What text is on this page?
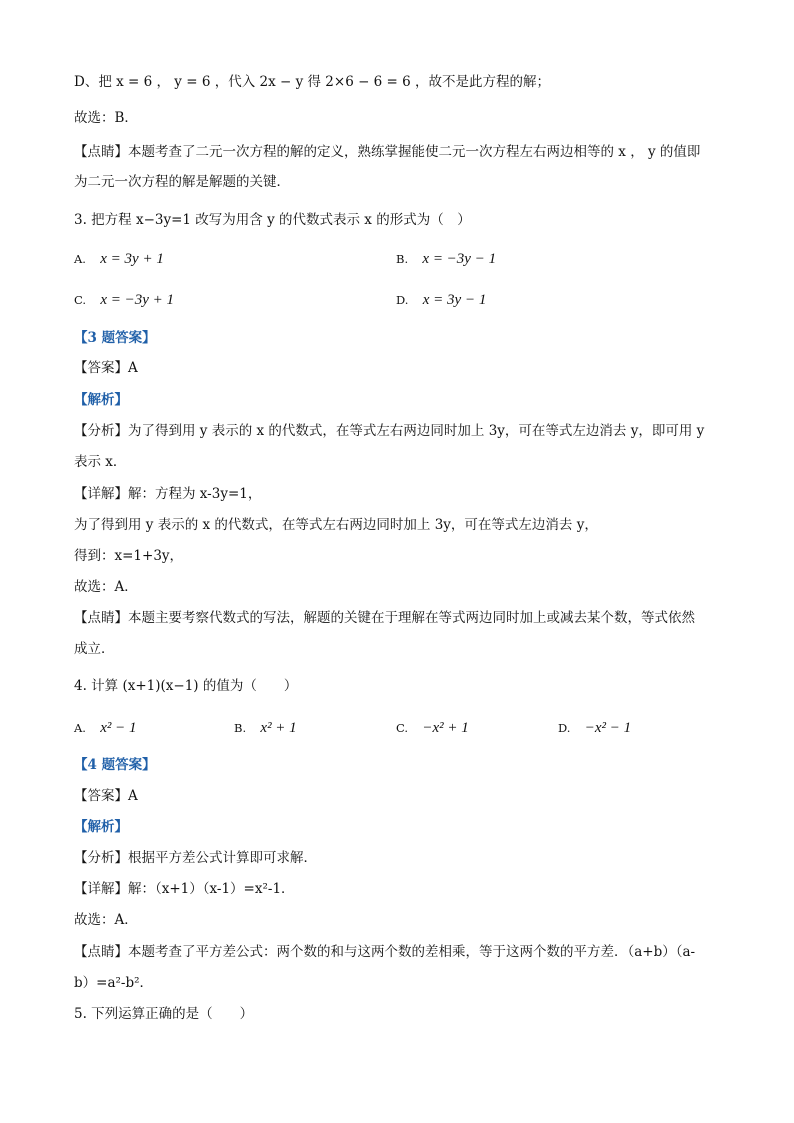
D、把 x = 6 ， y = 6 ，代入 2x − y 得 2×6 − 6 = 6 ，故不是此方程的解；
故选：B．
【点睛】本题考查了二元一次方程的解的定义，熟练掌握能使二元一次方程左右两边相等的 x ， y 的值即
为二元一次方程的解是解题的关键．
3. 把方程 x−3y=1 改写为用含 y 的代数式表示 x 的形式为（　）
A. x = 3y + 1	B. x = −3y − 1
C. x = −3y + 1	D. x = 3y − 1
【3 题答案】
【答案】A
【解析】
【分析】为了得到用 y 表示的 x 的代数式，在等式左右两边同时加上 3y，可在等式左边消去 y，即可用 y
表示 x．
【详解】解：方程为 x-3y=1，
为了得到用 y 表示的 x 的代数式，在等式左右两边同时加上 3y，可在等式左边消去 y，
得到：x=1+3y，
故选：A．
【点睛】本题主要考察代数式的写法，解题的关键在于理解在等式两边同时加上或减去某个数，等式依然
成立．
4. 计算 (x+1)(x−1) 的值为（　　）
A. x² − 1	B. x² + 1	C. −x² + 1	D. −x² − 1
【4 题答案】
【答案】A
【解析】
【分析】根据平方差公式计算即可求解．
【详解】解：（x+1）（x-1）=x²-1．
故选：A．
【点睛】本题考查了平方差公式：两个数的和与这两个数的差相乘，等于这两个数的平方差．（a+b）（a-
b）=a²-b²．
5. 下列运算正确的是（　　）
